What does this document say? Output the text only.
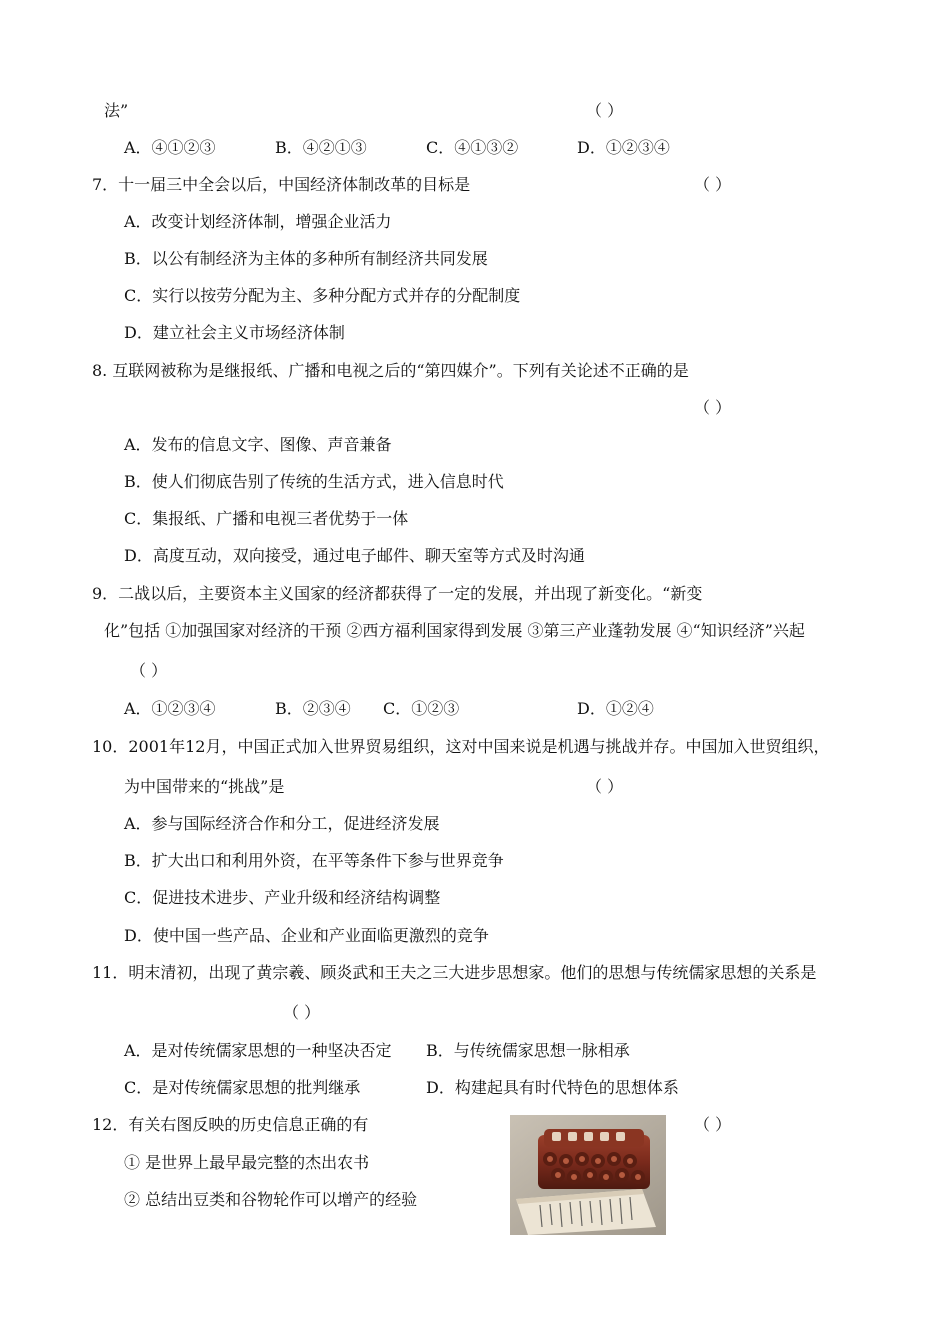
法”	（ ）
A．④①②③	B．④②①③	C．④①③②	D．①②③④
7．十一届三中全会以后，中国经济体制改革的目标是	（ ）
A．改变计划经济体制，增强企业活力
B．以公有制经济为主体的多种所有制经济共同发展
C．实行以按劳分配为主、多种分配方式并存的分配制度
D．建立社会主义市场经济体制
8. 互联网被称为是继报纸、广播和电视之后的“第四媒介”。下列有关论述不正确的是
（ ）
A．发布的信息文字、图像、声音兼备
B．使人们彻底告别了传统的生活方式，进入信息时代
C．集报纸、广播和电视三者优势于一体
D．高度互动，双向接受，通过电子邮件、聊天室等方式及时沟通
9．二战以后，主要资本主义国家的经济都获得了一定的发展，并出现了新变化。“新变
化”包括 ①加强国家对经济的干预 ②西方福利国家得到发展 ③第三产业蓬勃发展 ④“知识经济”兴起
（ ）
A．①②③④	B．②③④ C．①②③	D．①②④
10．2001年12月，中国正式加入世界贸易组织，这对中国来说是机遇与挑战并存。中国加入世贸组织，
为中国带来的“挑战”是	（ ）
A．参与国际经济合作和分工，促进经济发展
B．扩大出口和利用外资，在平等条件下参与世界竞争
C．促进技术进步、产业升级和经济结构调整
D．使中国一些产品、企业和产业面临更激烈的竞争
11．明末清初，出现了黄宗羲、顾炎武和王夫之三大进步思想家。他们的思想与传统儒家思想的关系是
（ ）
A．是对传统儒家思想的一种坚决否定 B．与传统儒家思想一脉相承
C．是对传统儒家思想的批判继承	D．构建起具有时代特色的思想体系
12．有关右图反映的历史信息正确的有	（ ）
① 是世界上最早最完整的杰出农书
② 总结出豆类和谷物轮作可以增产的经验
